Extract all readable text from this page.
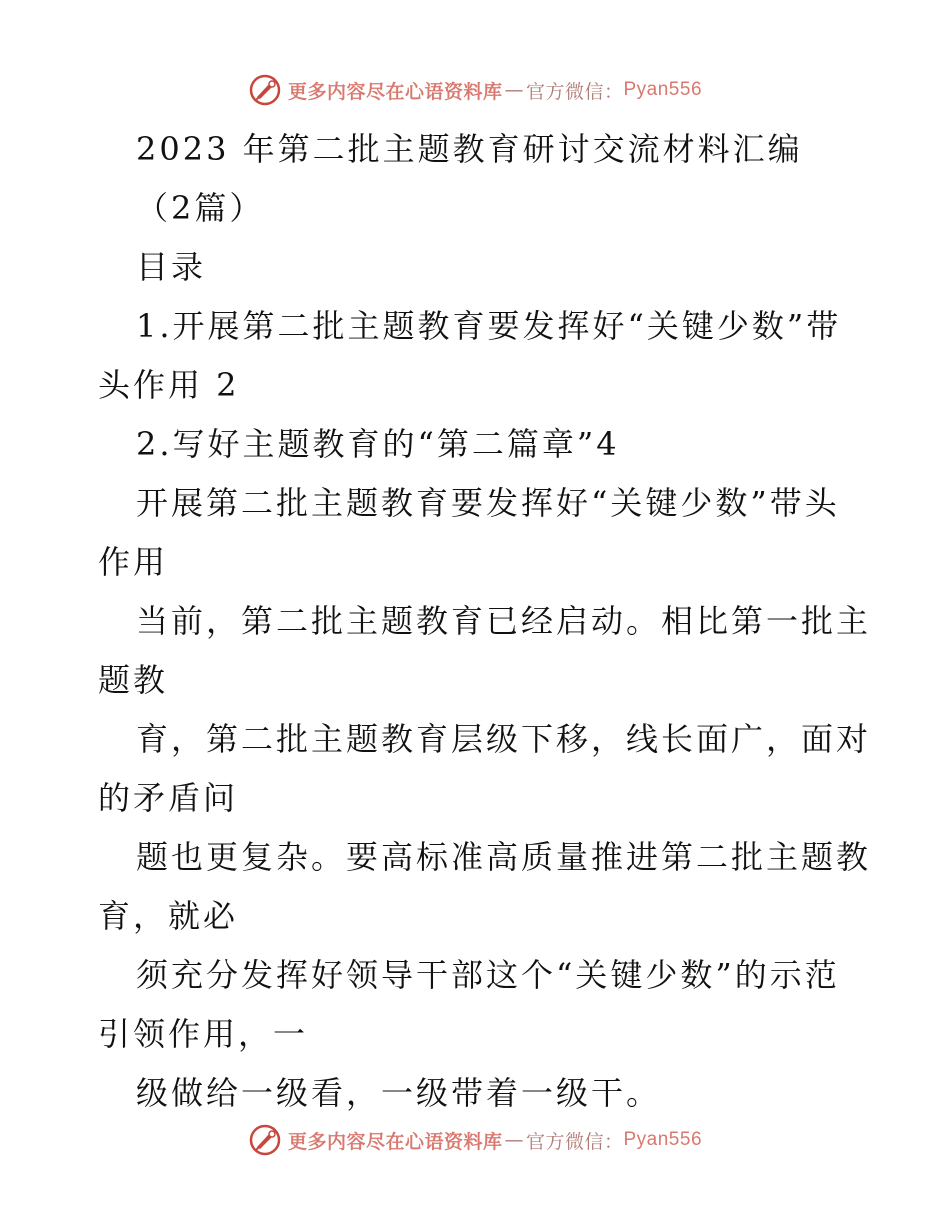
更多内容尽在心语资料库 — 官方微信： Pyan556
2023 年第二批主题教育研讨交流材料汇编
（2篇）
目录
1.开展第二批主题教育要发挥好“关键少数”带
头作用 2
2.写好主题教育的“第二篇章”4
开展第二批主题教育要发挥好“关键少数”带头
作用
当前，第二批主题教育已经启动。相比第一批主
题教
育，第二批主题教育层级下移，线长面广，面对
的矛盾问
题也更复杂。要高标准高质量推进第二批主题教
育，就必
须充分发挥好领导干部这个“关键少数”的示范
引领作用，一
级做给一级看，一级带着一级干。
更多内容尽在心语资料库 — 官方微信： Pyan556
